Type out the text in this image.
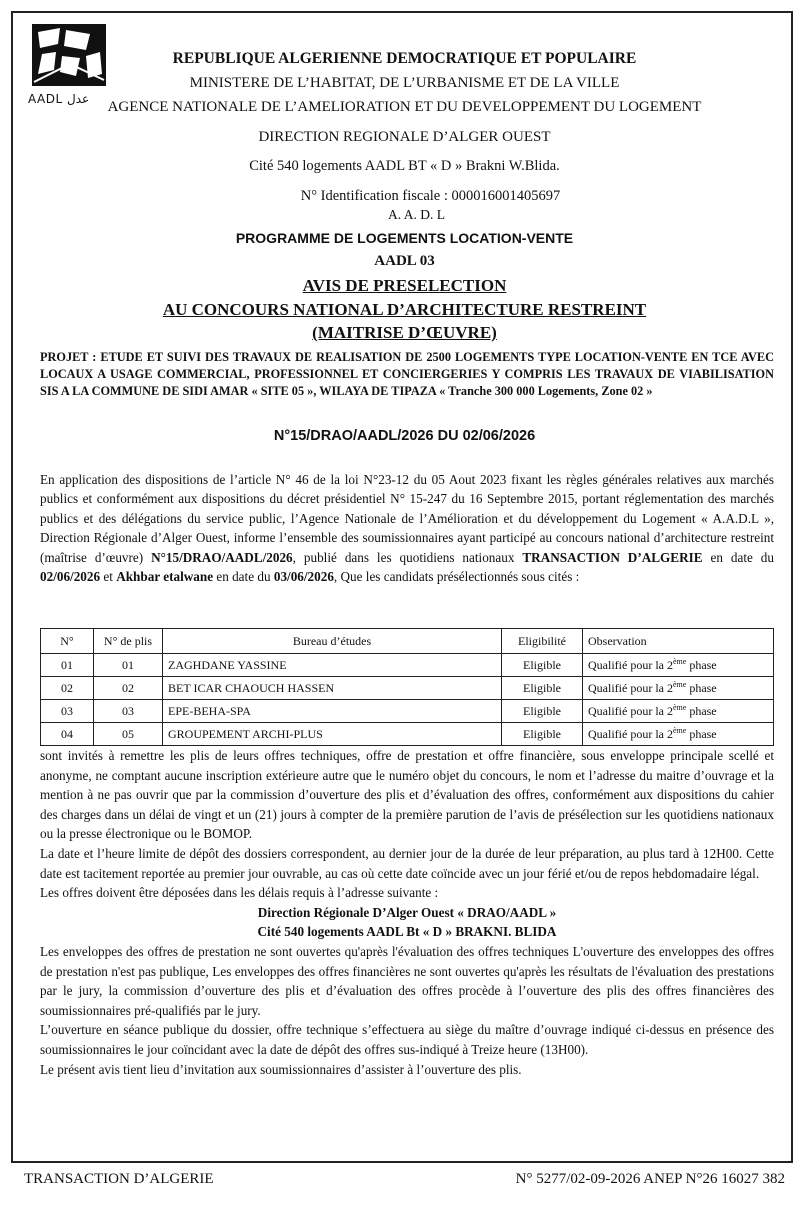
AADL عدل
REPUBLIQUE ALGERIENNE DEMOCRATIQUE ET POPULAIRE
MINISTERE DE L’HABITAT, DE L’URBANISME ET DE LA VILLE
AGENCE NATIONALE DE L’AMELIORATION ET DU DEVELOPPEMENT DU LOGEMENT
DIRECTION REGIONALE D’ALGER OUEST
Cité 540 logements AADL BT « D » Brakni W.Blida.
N° Identification fiscale : 000016001405697
A. A. D. L
PROGRAMME DE LOGEMENTS LOCATION-VENTE
AADL 03
AVIS DE PRESELECTION
AU CONCOURS NATIONAL D’ARCHITECTURE RESTREINT
(MAITRISE D’ŒUVRE)
PROJET : ETUDE ET SUIVI DES TRAVAUX DE REALISATION DE 2500 LOGEMENTS TYPE LOCATION-VENTE EN TCE AVEC LOCAUX A USAGE COMMERCIAL, PROFESSIONNEL ET CONCIERGERIES Y COMPRIS LES TRAVAUX DE VIABILISATION SIS A LA COMMUNE DE SIDI AMAR « SITE 05 », WILAYA DE TIPAZA « Tranche 300 000 Logements, Zone 02 »
N°15/DRAO/AADL/2026 DU 02/06/2026
En application des dispositions de l’article N° 46 de la loi N°23-12 du 05 Aout 2023 fixant les règles générales relatives aux marchés publics et conformément aux dispositions du décret présidentiel N° 15-247 du 16 Septembre 2015, portant réglementation des marchés publics et des délégations du service public, l’Agence Nationale de l’Amélioration et du développement du Logement « A.A.D.L », Direction Régionale d’Alger Ouest, informe l’ensemble des soumissionnaires ayant participé au concours national d’architecture restreint (maîtrise d’œuvre) N°15/DRAO/AADL/2026, publié dans les quotidiens nationaux TRANSACTION D’ALGERIE en date du 02/06/2026 et Akhbar etalwane en date du 03/06/2026, Que les candidats présélectionnés sous cités :
N°	N° de plis	Bureau d’études	Eligibilité	Observation
01	01	ZAGHDANE YASSINE	Eligible	Qualifié pour la 2ème phase
02	02	BET ICAR CHAOUCH HASSEN	Eligible	Qualifié pour la 2ème phase
03	03	EPE-BEHA-SPA	Eligible	Qualifié pour la 2ème phase
04	05	GROUPEMENT ARCHI-PLUS	Eligible	Qualifié pour la 2ème phase

sont invités à remettre les plis de leurs offres techniques, offre de prestation et offre financière, sous enveloppe principale scellé et anonyme, ne comptant aucune inscription extérieure autre que le numéro objet du concours, le nom et l’adresse du maitre d’ouvrage et la mention à ne pas ouvrir que par la commission d’ouverture des plis et d’évaluation des offres, conformément aux dispositions du cahier des charges dans un délai de vingt et un (21) jours à compter de la première parution de l’avis de présélection sur les quotidiens nationaux ou la presse électronique ou le BOMOP.

La date et l’heure limite de dépôt des dossiers correspondent, au dernier jour de la durée de leur préparation, au plus tard à 12H00. Cette date est tacitement reportée au premier jour ouvrable, au cas où cette date coïncide avec un jour férié et/ou de repos hebdomadaire légal.

Les offres doivent être déposées dans les délais requis à l’adresse suivante :

Direction Régionale D’Alger Ouest « DRAO/AADL »

Cité 540 logements AADL Bt « D » BRAKNI. BLIDA

Les enveloppes des offres de prestation ne sont ouvertes qu'après l'évaluation des offres techniques L'ouverture des enveloppes des offres de prestation n'est pas publique, Les enveloppes des offres financières ne sont ouvertes qu'après les résultats de l'évaluation des prestations par le jury, la commission d’ouverture des plis et d’évaluation des offres procède à l’ouverture des plis des offres financières des soumissionnaires pré-qualifiés par le jury.

L’ouverture en séance publique du dossier, offre technique s’effectuera au siège du maître d’ouvrage indiqué ci-dessus en présence des soumissionnaires le jour coïncidant avec la date de dépôt des offres sus-indiqué à Treize heure (13H00).

Le présent avis tient lieu d’invitation aux soumissionnaires d’assister à l’ouverture des plis.

TRANSACTION D’ALGERIE	N° 5277/02-09-2026 ANEP N°26 16027 382
